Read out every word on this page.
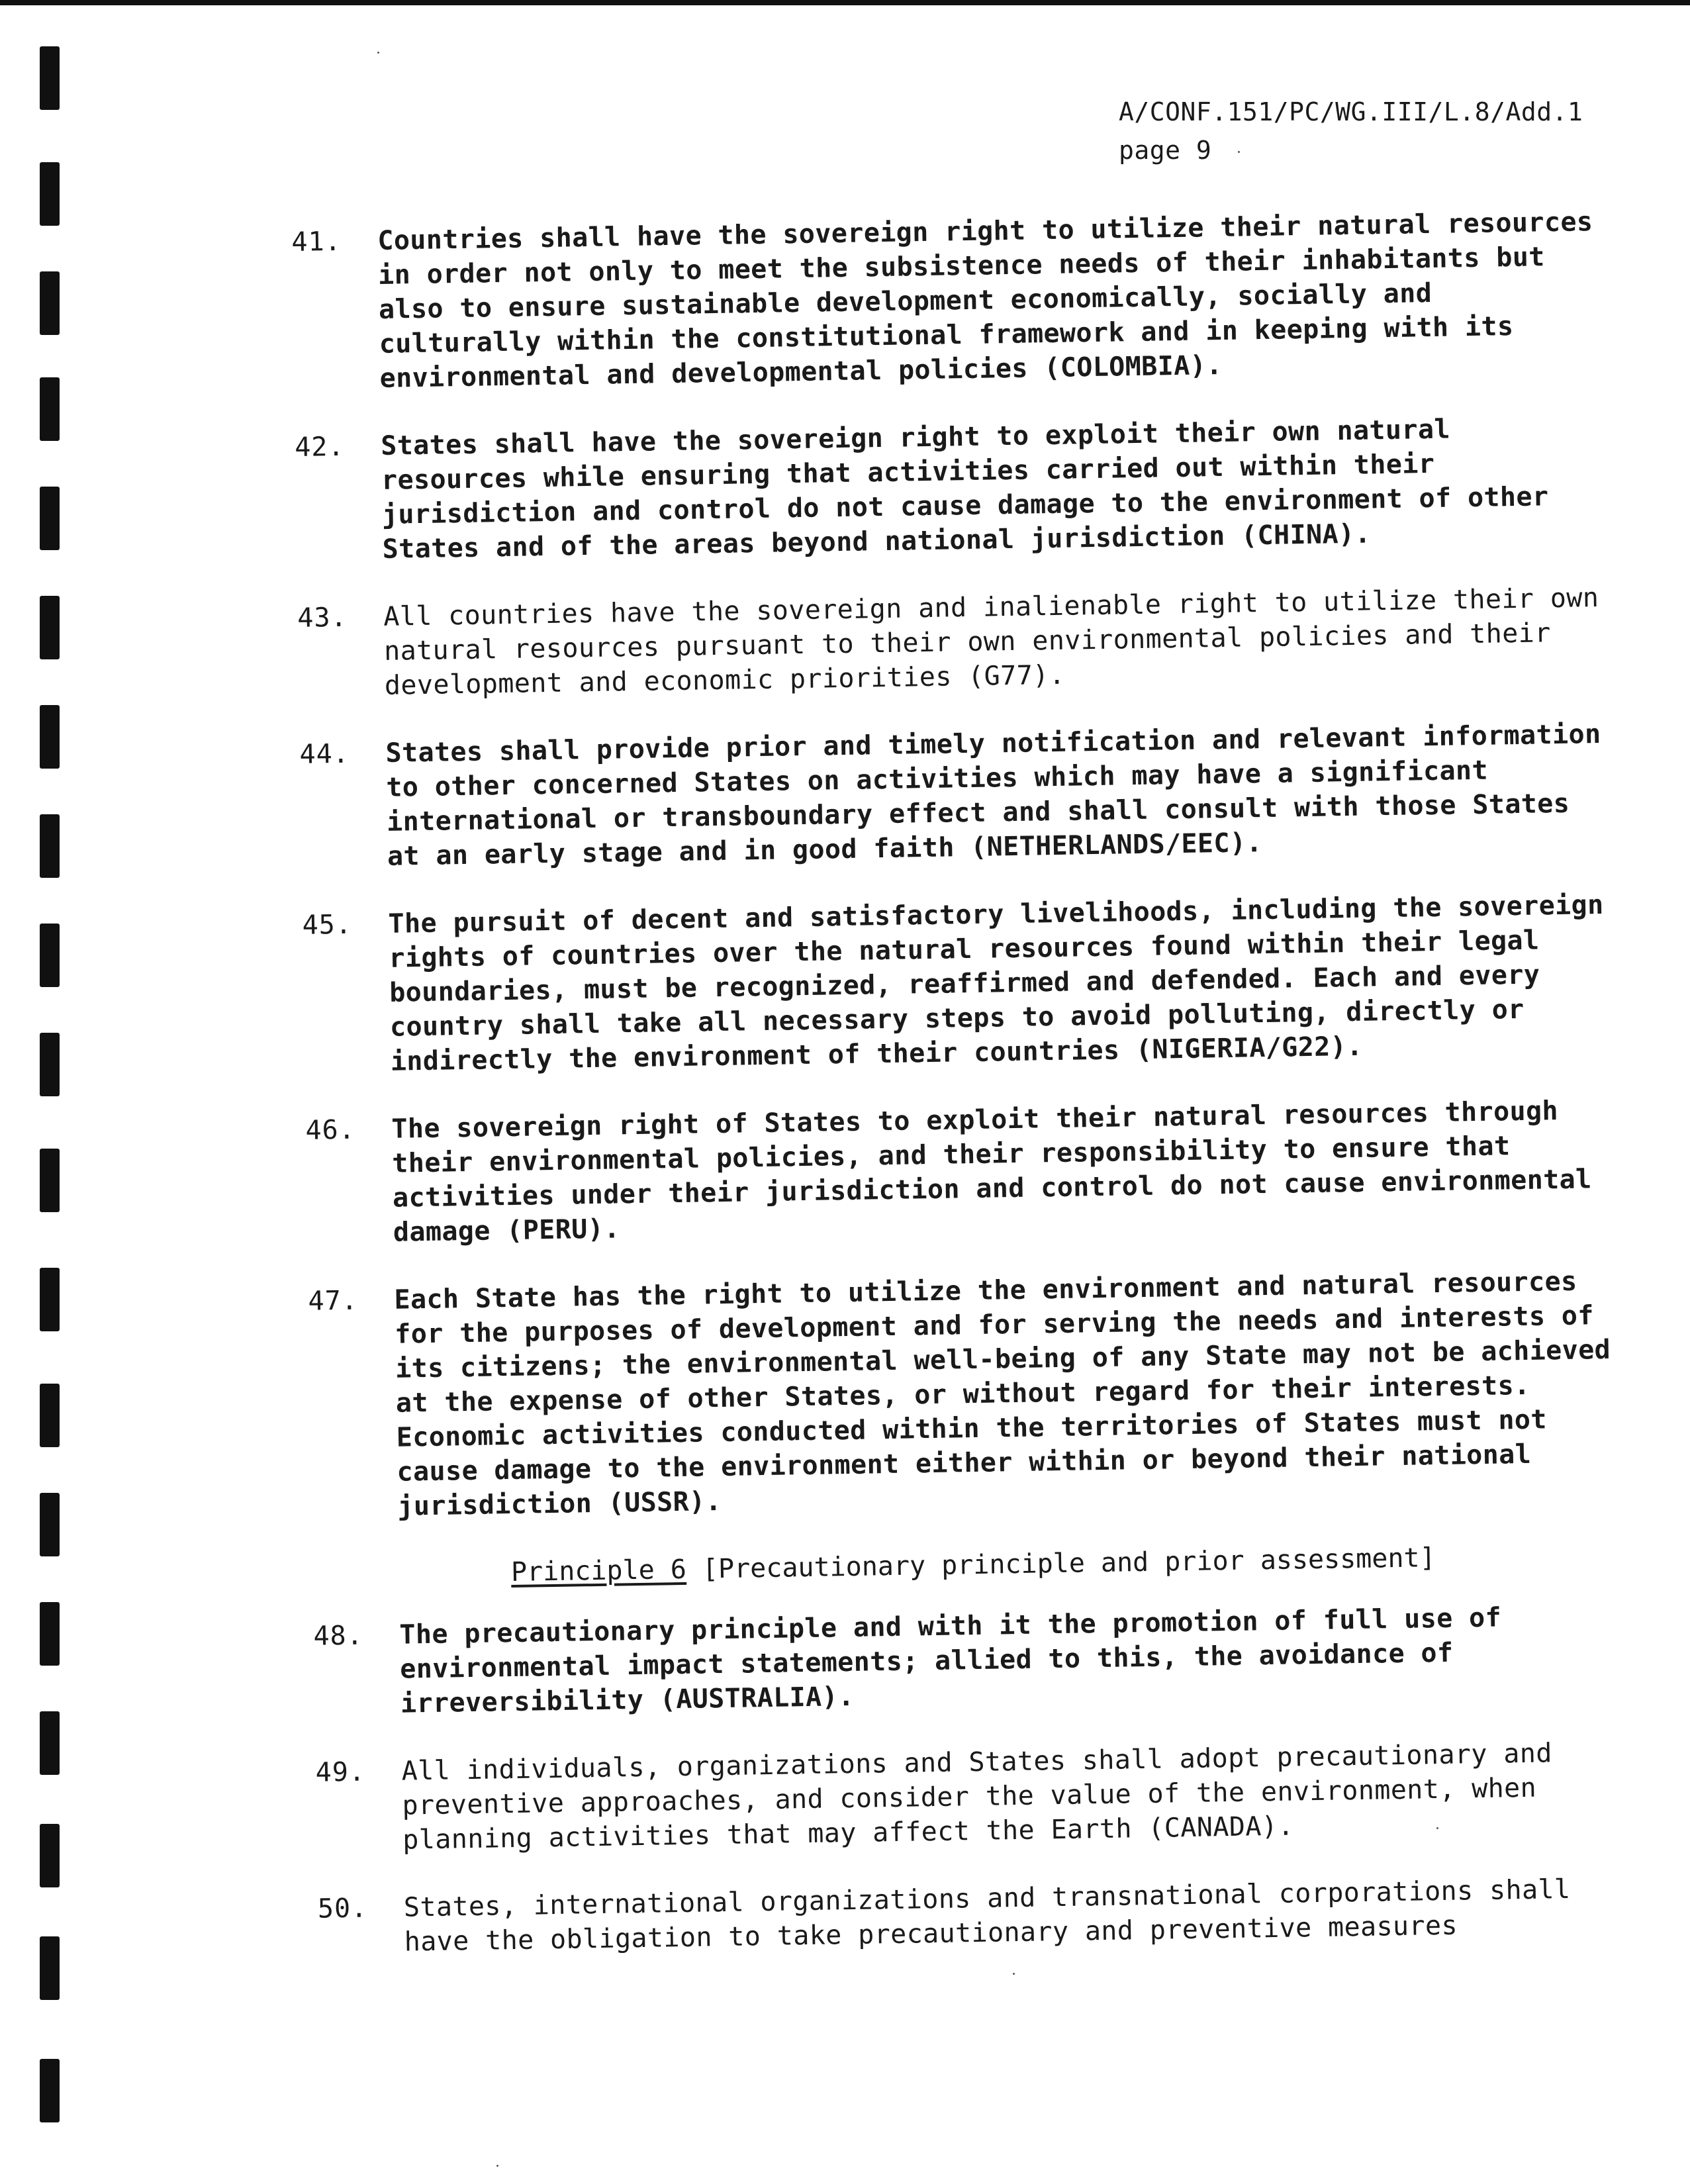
A/CONF.151/PC/WG.III/L.8/Add.1
page 9
41.	Countries shall have the sovereign right to utilize their natural resources in order not only to meet the subsistence needs of their inhabitants but also to ensure sustainable development economically, socially and culturally within the constitutional framework and in keeping with its environmental and developmental policies (COLOMBIA).
42.	States shall have the sovereign right to exploit their own natural resources while ensuring that activities carried out within their jurisdiction and control do not cause damage to the environment of other States and of the areas beyond national jurisdiction (CHINA).
43.	All countries have the sovereign and inalienable right to utilize their own natural resources pursuant to their own environmental policies and their development and economic priorities (G77).
44.	States shall provide prior and timely notification and relevant information to other concerned States on activities which may have a significant international or transboundary effect and shall consult with those States at an early stage and in good faith (NETHERLANDS/EEC).
45.	The pursuit of decent and satisfactory livelihoods, including the sovereign rights of countries over the natural resources found within their legal boundaries, must be recognized, reaffirmed and defended. Each and every country shall take all necessary steps to avoid polluting, directly or indirectly the environment of their countries (NIGERIA/G22).
46.	The sovereign right of States to exploit their natural resources through their environmental policies, and their responsibility to ensure that activities under their jurisdiction and control do not cause environmental damage (PERU).
47.	Each State has the right to utilize the environment and natural resources for the purposes of development and for serving the needs and interests of its citizens; the environmental well-being of any State may not be achieved at the expense of other States, or without regard for their interests. Economic activities conducted within the territories of States must not cause damage to the environment either within or beyond their national jurisdiction (USSR).
Principle 6 [Precautionary principle and prior assessment]
48.	The precautionary principle and with it the promotion of full use of environmental impact statements; allied to this, the avoidance of irreversibility (AUSTRALIA).
49.	All individuals, organizations and States shall adopt precautionary and preventive approaches, and consider the value of the environment, when planning activities that may affect the Earth (CANADA).
50.	States, international organizations and transnational corporations shall have the obligation to take precautionary and preventive measures
